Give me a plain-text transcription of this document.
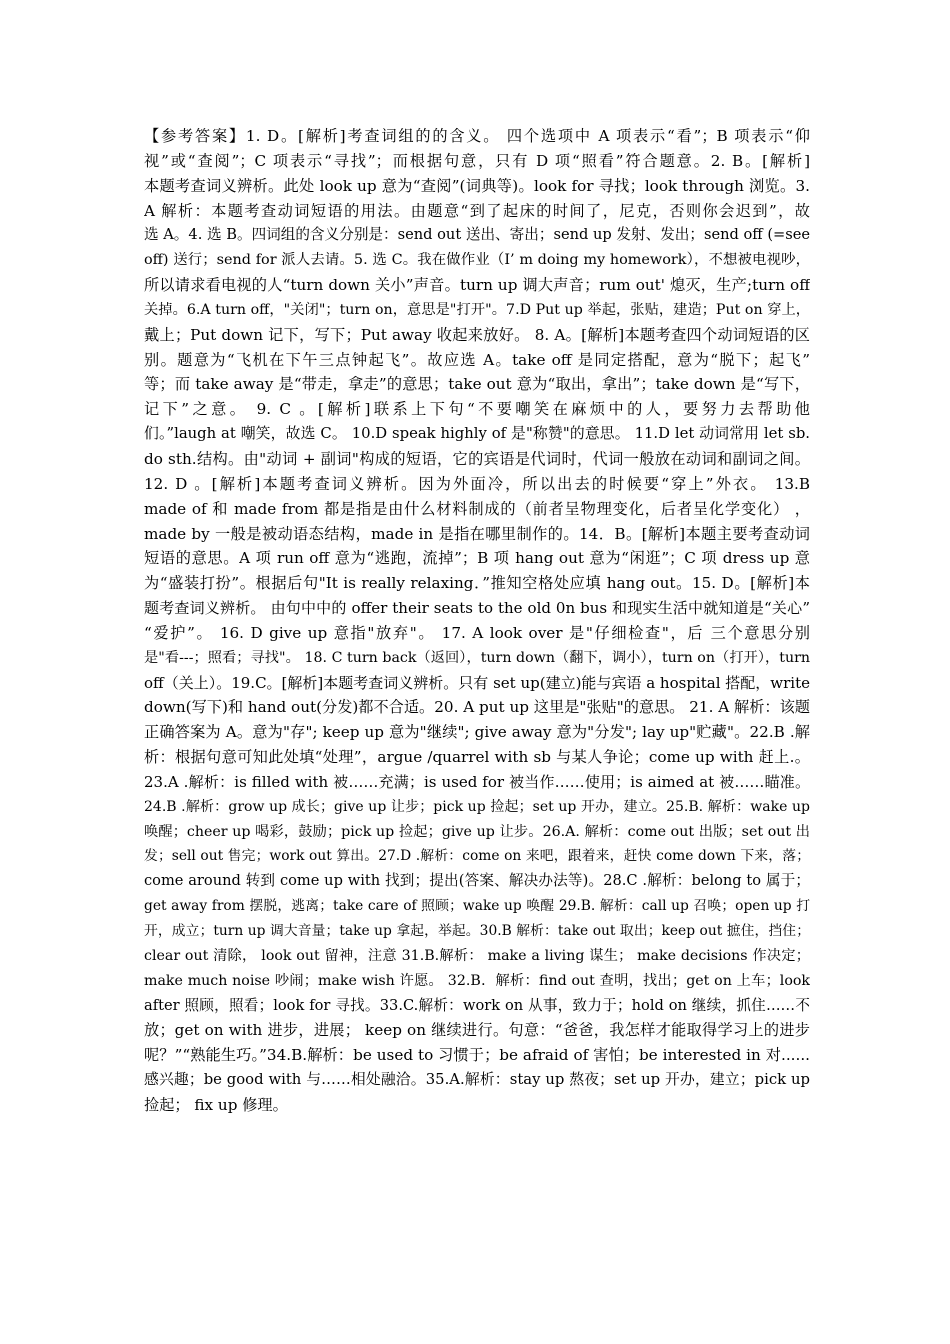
【参考答案】1. D。[解析]考查词组的的含义。 四个选项中 A 项表示“看”；B 项表示“仰
视”或“查阅”；C 项表示“寻找”；而根据句意，只有 D 项“照看”符合题意。2. B。[解析]
本题考查词义辨析。此处 look up 意为“查阅”(词典等)。look for 寻找；look through 浏览。3.
A 解析：本题考查动词短语的用法。由题意“到了起床的时间了，尼克，否则你会迟到”，故
选 A。4. 选 B。四词组的含义分别是：send out 送出、寄出；send up 发射、发出；send off (=see
off) 送行；send for 派人去请。5. 选 C。我在做作业（I’ m doing my homework），不想被电视吵，
所以请求看电视的人“turn down 关小”声音。turn up 调大声音；rum out' 熄灭，生产;turn off
关掉。6.A turn off，"关闭"；turn on，意思是"打开"。7.D Put up 举起，张贴，建造；Put on 穿上，
戴上；Put down 记下，写下；Put away 收起来放好。 8. A。[解析]本题考查四个动词短语的区
别。题意为“飞机在下午三点钟起飞”。故应选 A。take off 是同定搭配，意为“脱下；起飞”
等；而 take away 是“带走，拿走”的意思；take out 意为“取出，拿出”；take down 是“写下，
记下”之意。 9. C 。[解析]联系上下句“不要嘲笑在麻烦中的人，要努力去帮助他
们。”laugh at 嘲笑，故选 C。 10.D speak highly of 是"称赞"的意思。 11.D let 动词常用 let sb.
do sth.结构。由"动词 + 副词"构成的短语，它的宾语是代词时，代词一般放在动词和副词之间。
12. D 。[解析]本题考查词义辨析。因为外面冷，所以出去的时候要“穿上”外衣。 13.B
made of 和 made from 都是指是由什么材料制成的（前者呈物理变化，后者呈化学变化） ，
made by 一般是被动语态结构，made in 是指在哪里制作的。14．B。[解析]本题主要考查动词
短语的意思。A 项 run off 意为“逃跑，流掉”；B 项 hang out 意为“闲逛”；C 项 dress up 意
为“盛装打扮”。根据后句"It is really relaxing．”推知空格处应填 hang out。15. D。[解析]本
题考查词义辨析。 由句中中的 offer their seats to the old 0n bus 和现实生活中就知道是“关心”
“爱护”。 16. D give up 意指"放弃"。 17. A look over 是"仔细检查"，后 三个意思分别
是"看---；照看；寻找"。 18. C turn back（返回），turn down（翻下，调小），turn on（打开），turn
off（关上）。19.C。[解析]本题考查词义辨析。只有 set up(建立)能与宾语 a hospital 搭配，write
down(写下)和 hand out(分发)都不合适。20. A put up 这里是"张贴"的意思。 21. A 解析：该题
正确答案为 A。意为"存"; keep up 意为"继续"; give away 意为"分发"; lay up"贮藏"。22.B .解
析：根据句意可知此处填“处理”，argue /quarrel with sb 与某人争论；come up with 赶上.。
23.A .解析：is filled with 被……充满；is used for 被当作……使用；is aimed at 被……瞄准。
24.B .解析：grow up 成长；give up 让步；pick up 捡起；set up 开办，建立。25.B. 解析：wake up
唤醒；cheer up 喝彩，鼓励；pick up 捡起；give up 让步。26.A. 解析：come out 出版；set out 出
发；sell out 售完；work out 算出。27.D .解析：come on 来吧，跟着来，赶快 come down 下来，落；
come around 转到 come up with 找到；提出(答案、解决办法等)。28.C .解析：belong to 属于；
get away from 摆脱，逃离；take care of 照顾；wake up 唤醒 29.B. 解析：call up 召唤；open up 打
开，成立；turn up 调大音量；take up 拿起，举起。30.B 解析：take out 取出；keep out 摭住，挡住；
clear out 清除， look out 留神，注意 31.B.解析： make a living 谋生； make decisions 作决定；
make much noise 吵闹；make wish 许愿。 32.B．解析：find out 查明，找出；get on 上车；look
after 照顾，照看；look for 寻找。33.C.解析：work on 从事，致力于；hold on 继续，抓住……不
放；get on with 进步，进展； keep on 继续进行。句意：“爸爸，我怎样才能取得学习上的进步
呢？”“熟能生巧。”34.B.解析：be used to 习惯于；be afraid of 害怕；be interested in 对......
感兴趣；be good with 与……相处融洽。35.A.解析：stay up 熬夜；set up 开办，建立；pick up
捡起； fix up 修理。
